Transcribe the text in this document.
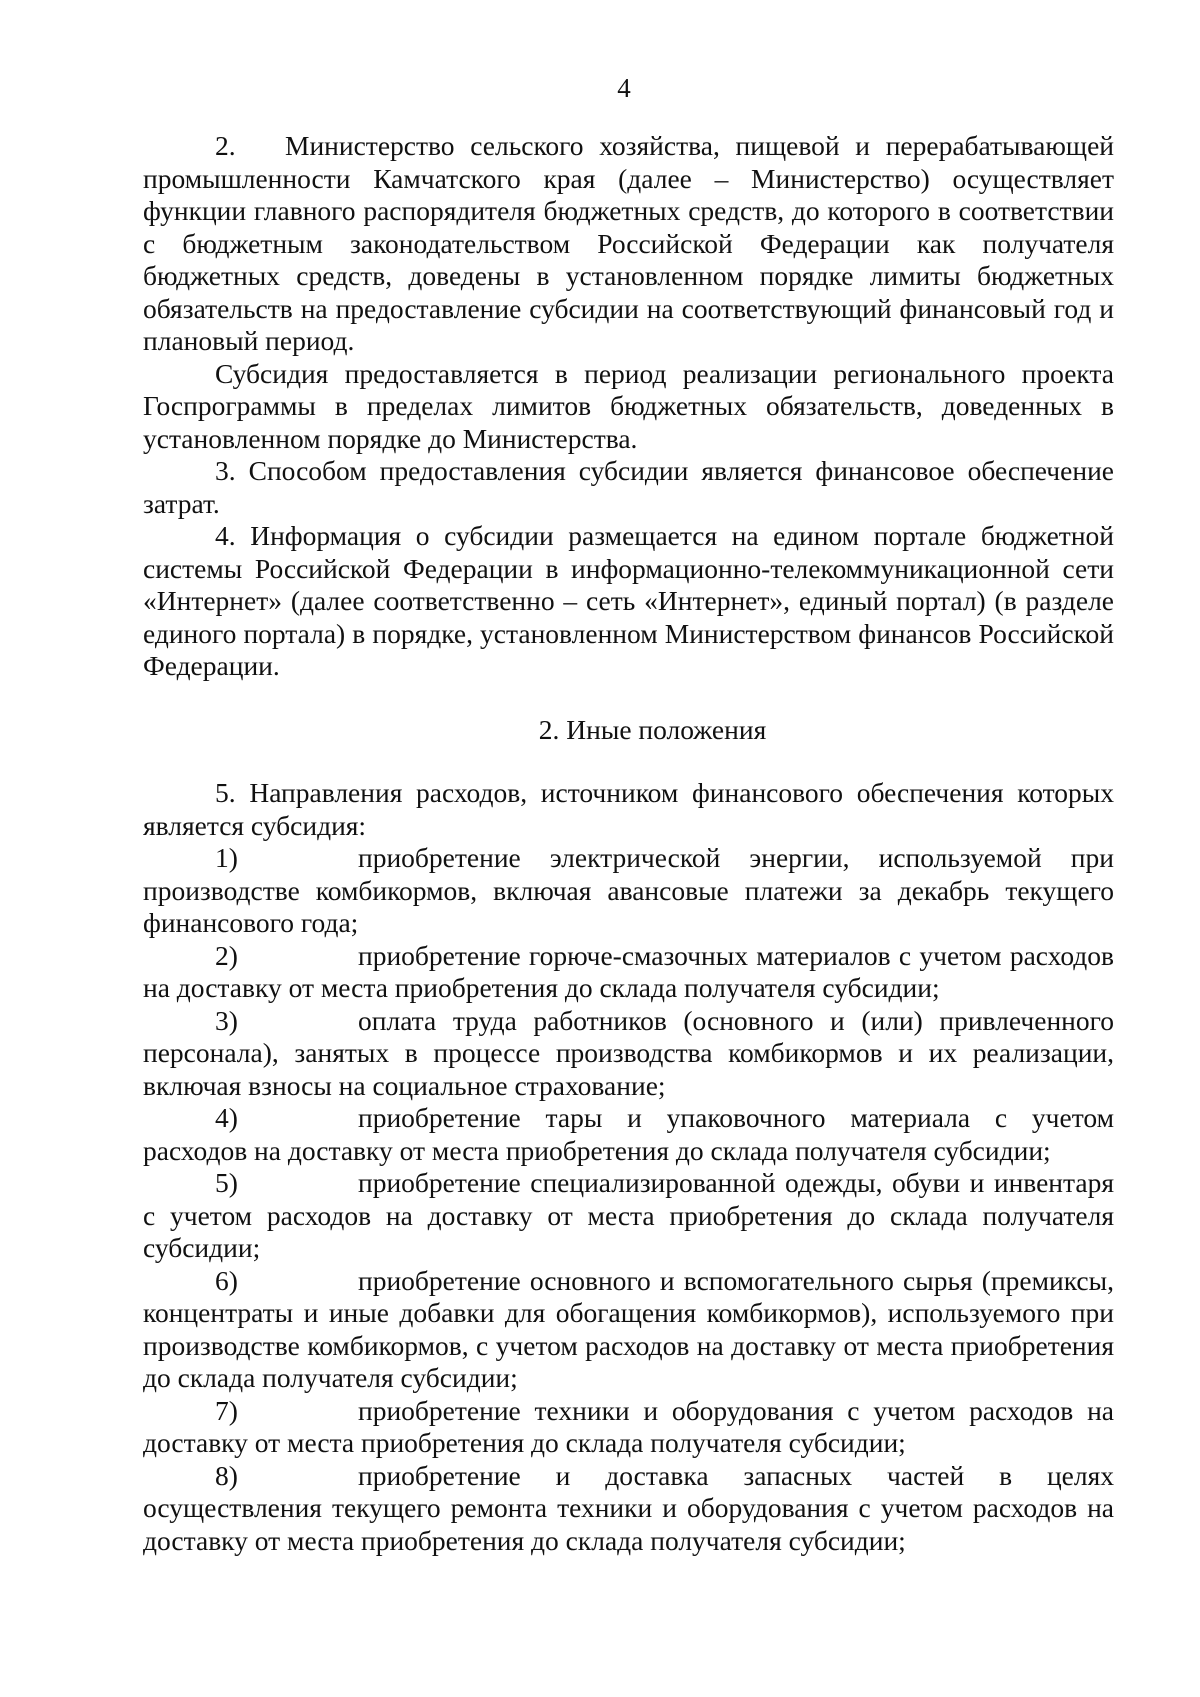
4

2. Министерство сельского хозяйства, пищевой и перерабатывающей промышленности Камчатского края (далее – Министерство) осуществляет функции главного распорядителя бюджетных средств, до которого в соответствии с бюджетным законодательством Российской Федерации как получателя бюджетных средств, доведены в установленном порядке лимиты бюджетных обязательств на предоставление субсидии на соответствующий финансовый год и плановый период.

Субсидия предоставляется в период реализации регионального проекта Госпрограммы в пределах лимитов бюджетных обязательств, доведенных в установленном порядке до Министерства.

3. Способом предоставления субсидии является финансовое обеспечение затрат.

4. Информация о субсидии размещается на едином портале бюджетной системы Российской Федерации в информационно-телекоммуникационной сети «Интернет» (далее соответственно – сеть «Интернет», единый портал) (в разделе единого портала) в порядке, установленном Министерством финансов Российской Федерации.

2. Иные положения

5. Направления расходов, источником финансового обеспечения которых является субсидия:

1)	приобретение электрической энергии, используемой при производстве комбикормов, включая авансовые платежи за декабрь текущего финансового года;

2)	приобретение горюче-смазочных материалов с учетом расходов на доставку от места приобретения до склада получателя субсидии;

3)	оплата труда работников (основного и (или) привлеченного персонала), занятых в процессе производства комбикормов и их реализации, включая взносы на социальное страхование;

4)	приобретение тары и упаковочного материала с учетом расходов на доставку от места приобретения до склада получателя субсидии;

5)	приобретение специализированной одежды, обуви и инвентаря с учетом расходов на доставку от места приобретения до склада получателя субсидии;

6)	приобретение основного и вспомогательного сырья (премиксы, концентраты и иные добавки для обогащения комбикормов), используемого при производстве комбикормов, с учетом расходов на доставку от места приобретения до склада получателя субсидии;

7)	приобретение техники и оборудования с учетом расходов на доставку от места приобретения до склада получателя субсидии;

8)	приобретение и доставка запасных частей в целях осуществления текущего ремонта техники и оборудования с учетом расходов на доставку от места приобретения до склада получателя субсидии;
